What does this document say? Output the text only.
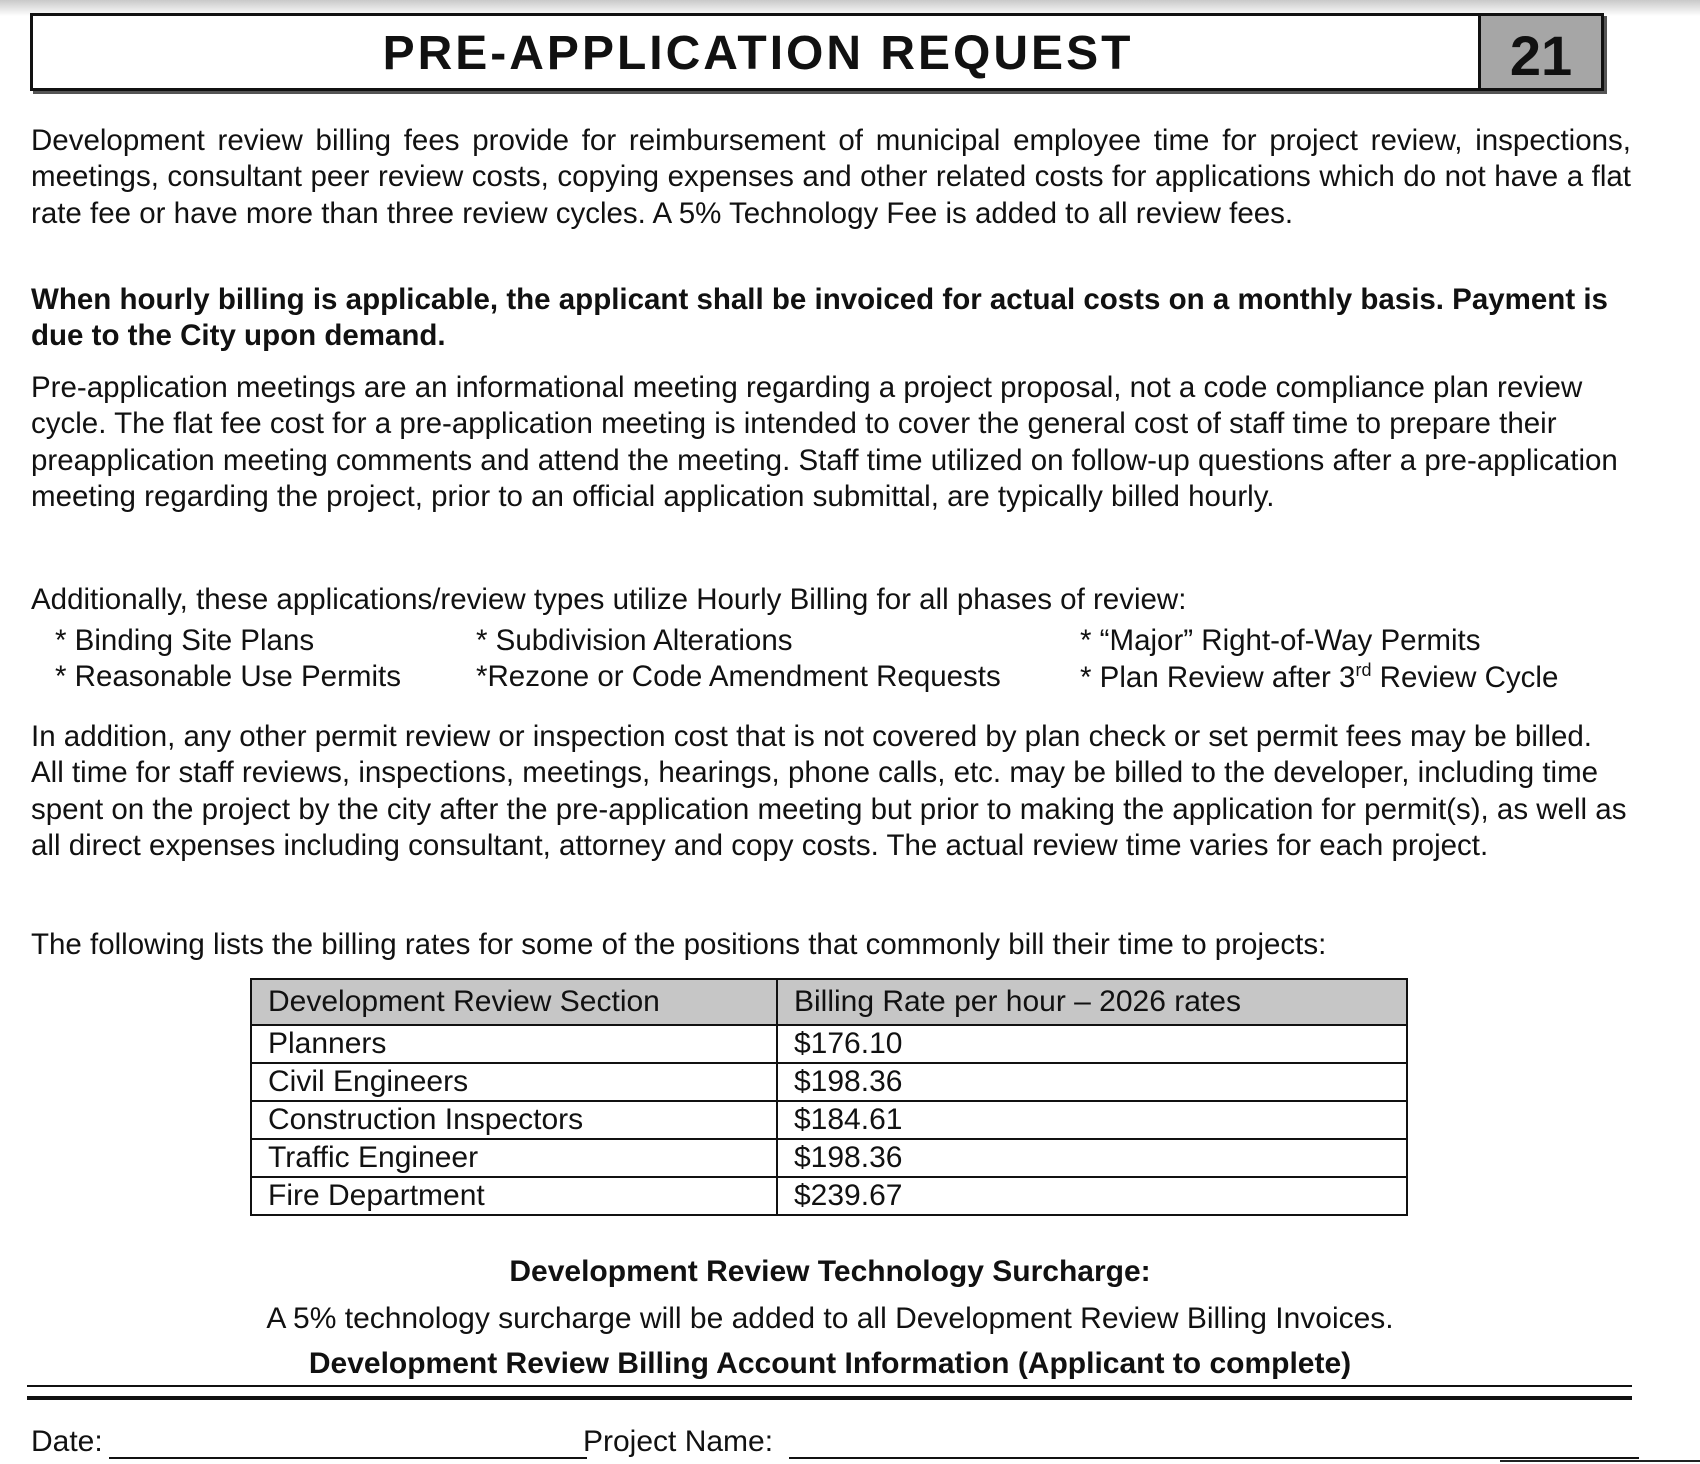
PRE-APPLICATION REQUEST	21

Development review billing fees provide for reimbursement of municipal employee time for project review, inspections, meetings, consultant peer review costs, copying expenses and other related costs for applications which do not have a flat rate fee or have more than three review cycles. A 5% Technology Fee is added to all review fees.

When hourly billing is applicable, the applicant shall be invoiced for actual costs on a monthly basis. Payment is due to the City upon demand.

Pre-application meetings are an informational meeting regarding a project proposal, not a code compliance plan review cycle. The flat fee cost for a pre-application meeting is intended to cover the general cost of staff time to prepare their preapplication meeting comments and attend the meeting. Staff time utilized on follow-up questions after a pre-application meeting regarding the project, prior to an official application submittal, are typically billed hourly.

Additionally, these applications/review types utilize Hourly Billing for all phases of review:

* Binding Site Plans	* Subdivision Alterations	* “Major” Right-of-Way Permits
* Reasonable Use Permits	*Rezone or Code Amendment Requests	* Plan Review after 3rd Review Cycle

In addition, any other permit review or inspection cost that is not covered by plan check or set permit fees may be billed. All time for staff reviews, inspections, meetings, hearings, phone calls, etc. may be billed to the developer, including time spent on the project by the city after the pre-application meeting but prior to making the application for permit(s), as well as all direct expenses including consultant, attorney and copy costs. The actual review time varies for each project.

The following lists the billing rates for some of the positions that commonly bill their time to projects:

Development Review Section	Billing Rate per hour – 2026 rates
Planners	$176.10
Civil Engineers	$198.36
Construction Inspectors	$184.61
Traffic Engineer	$198.36
Fire Department	$239.67
Development Review Technology Surcharge:
A 5% technology surcharge will be added to all Development Review Billing Invoices.
Development Review Billing Account Information (Applicant to complete)
Date:	Project Name:
